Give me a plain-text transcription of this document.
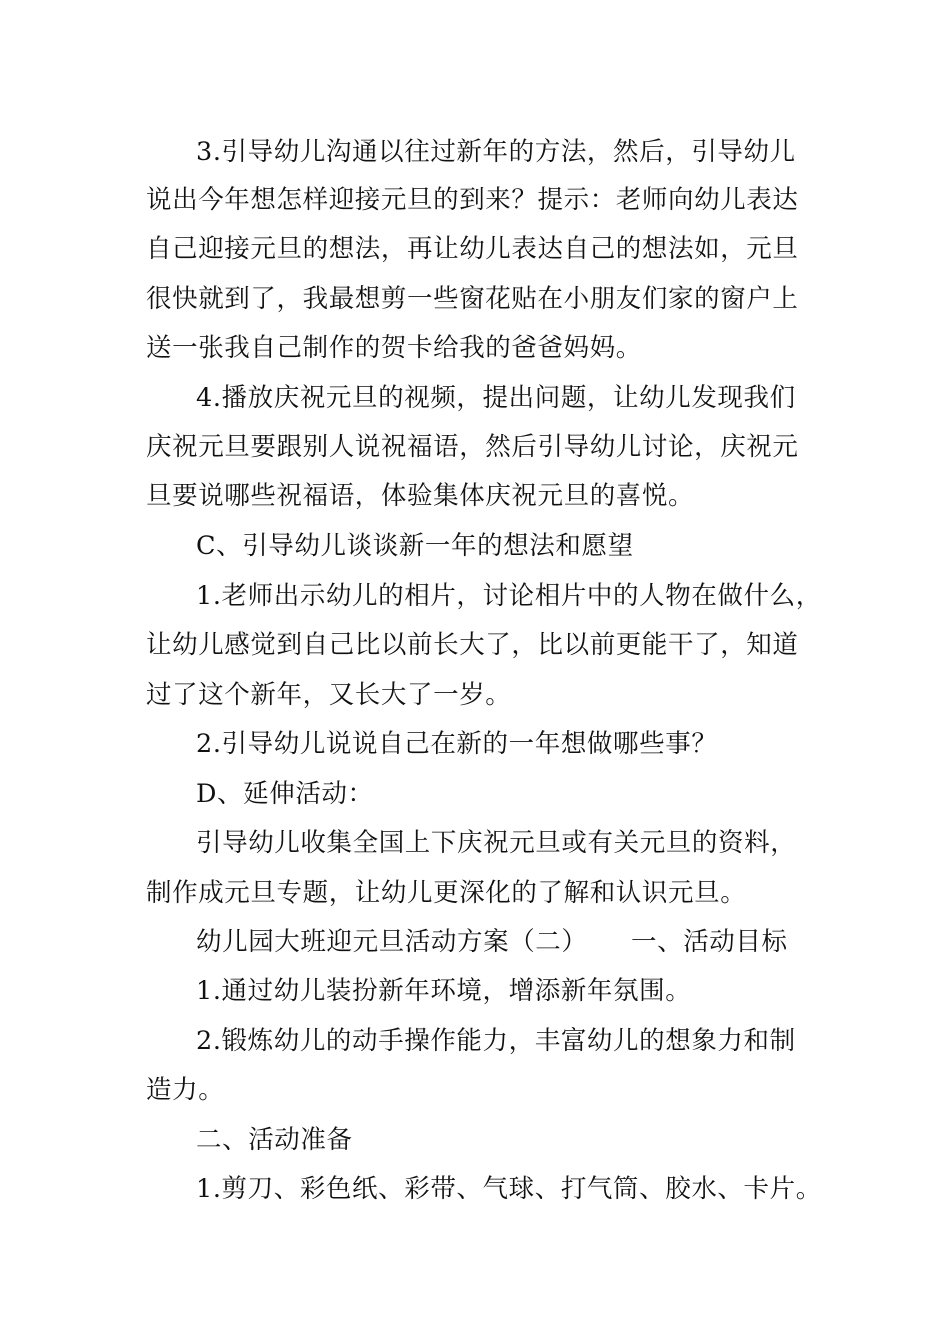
3.引导幼儿沟通以往过新年的方法，然后，引导幼儿
说出今年想怎样迎接元旦的到来？提示：老师向幼儿表达
自己迎接元旦的想法，再让幼儿表达自己的想法如，元旦
很快就到了，我最想剪一些窗花贴在小朋友们家的窗户上
送一张我自己制作的贺卡给我的爸爸妈妈。
4.播放庆祝元旦的视频，提出问题，让幼儿发现我们
庆祝元旦要跟别人说祝福语，然后引导幼儿讨论，庆祝元
旦要说哪些祝福语，体验集体庆祝元旦的喜悦。
C、引导幼儿谈谈新一年的想法和愿望
1.老师出示幼儿的相片，讨论相片中的人物在做什么，
让幼儿感觉到自己比以前长大了，比以前更能干了，知道
过了这个新年，又长大了一岁。
2.引导幼儿说说自己在新的一年想做哪些事？
D、延伸活动：
引导幼儿收集全国上下庆祝元旦或有关元旦的资料，
制作成元旦专题，让幼儿更深化的了解和认识元旦。
幼儿园大班迎元旦活动方案（二） 一、活动目标
1.通过幼儿装扮新年环境，增添新年氛围。
2.锻炼幼儿的动手操作能力，丰富幼儿的想象力和制
造力。
二、活动准备
1.剪刀、彩色纸、彩带、气球、打气筒、胶水、卡片。
